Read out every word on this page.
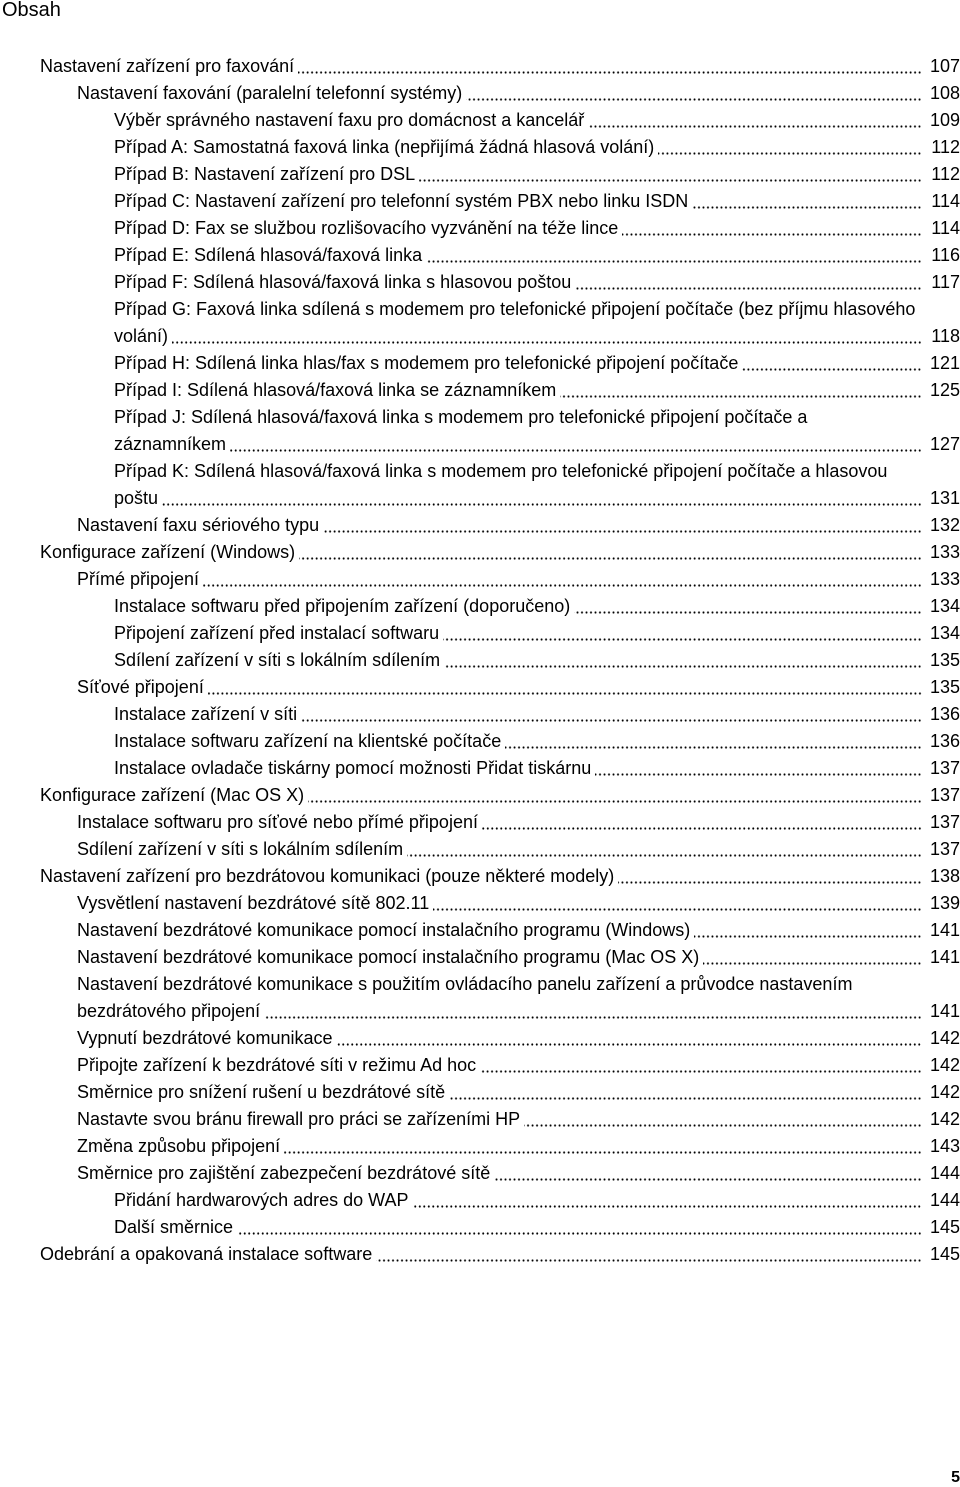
Obsah
Nastavení zařízení pro faxování	107
Nastavení faxování (paralelní telefonní systémy)	108
Výběr správného nastavení faxu pro domácnost a kancelář	109
Případ A: Samostatná faxová linka (nepřijímá žádná hlasová volání)	112
Případ B: Nastavení zařízení pro DSL	112
Případ C: Nastavení zařízení pro telefonní systém PBX nebo linku ISDN	114
Případ D: Fax se službou rozlišovacího vyzvánění na téže lince	114
Případ E: Sdílená hlasová/faxová linka	116
Případ F: Sdílená hlasová/faxová linka s hlasovou poštou	117
Případ G: Faxová linka sdílená s modemem pro telefonické připojení počítače (bez příjmu hlasového volání)	118
Případ H: Sdílená linka hlas/fax s modemem pro telefonické připojení počítače	121
Případ I: Sdílená hlasová/faxová linka se záznamníkem	125
Případ J: Sdílená hlasová/faxová linka s modemem pro telefonické připojení počítače a záznamníkem	127
Případ K: Sdílená hlasová/faxová linka s modemem pro telefonické připojení počítače a hlasovou poštu	131
Nastavení faxu sériového typu	132
Konfigurace zařízení (Windows)	133
Přímé připojení	133
Instalace softwaru před připojením zařízení (doporučeno)	134
Připojení zařízení před instalací softwaru	134
Sdílení zařízení v síti s lokálním sdílením	135
Síťové připojení	135
Instalace zařízení v síti	136
Instalace softwaru zařízení na klientské počítače	136
Instalace ovladače tiskárny pomocí možnosti Přidat tiskárnu	137
Konfigurace zařízení (Mac OS X)	137
Instalace softwaru pro síťové nebo přímé připojení	137
Sdílení zařízení v síti s lokálním sdílením	137
Nastavení zařízení pro bezdrátovou komunikaci (pouze některé modely)	138
Vysvětlení nastavení bezdrátové sítě 802.11	139
Nastavení bezdrátové komunikace pomocí instalačního programu (Windows)	141
Nastavení bezdrátové komunikace pomocí instalačního programu (Mac OS X)	141
Nastavení bezdrátové komunikace s použitím ovládacího panelu zařízení a průvodce nastavením bezdrátového připojení	141
Vypnutí bezdrátové komunikace	142
Připojte zařízení k bezdrátové síti v režimu Ad hoc	142
Směrnice pro snížení rušení u bezdrátové sítě	142
Nastavte svou bránu firewall pro práci se zařízeními HP	142
Změna způsobu připojení	143
Směrnice pro zajištění zabezpečení bezdrátové sítě	144
Přidání hardwarových adres do WAP	144
Další směrnice	145
Odebrání a opakovaná instalace software	145
5
